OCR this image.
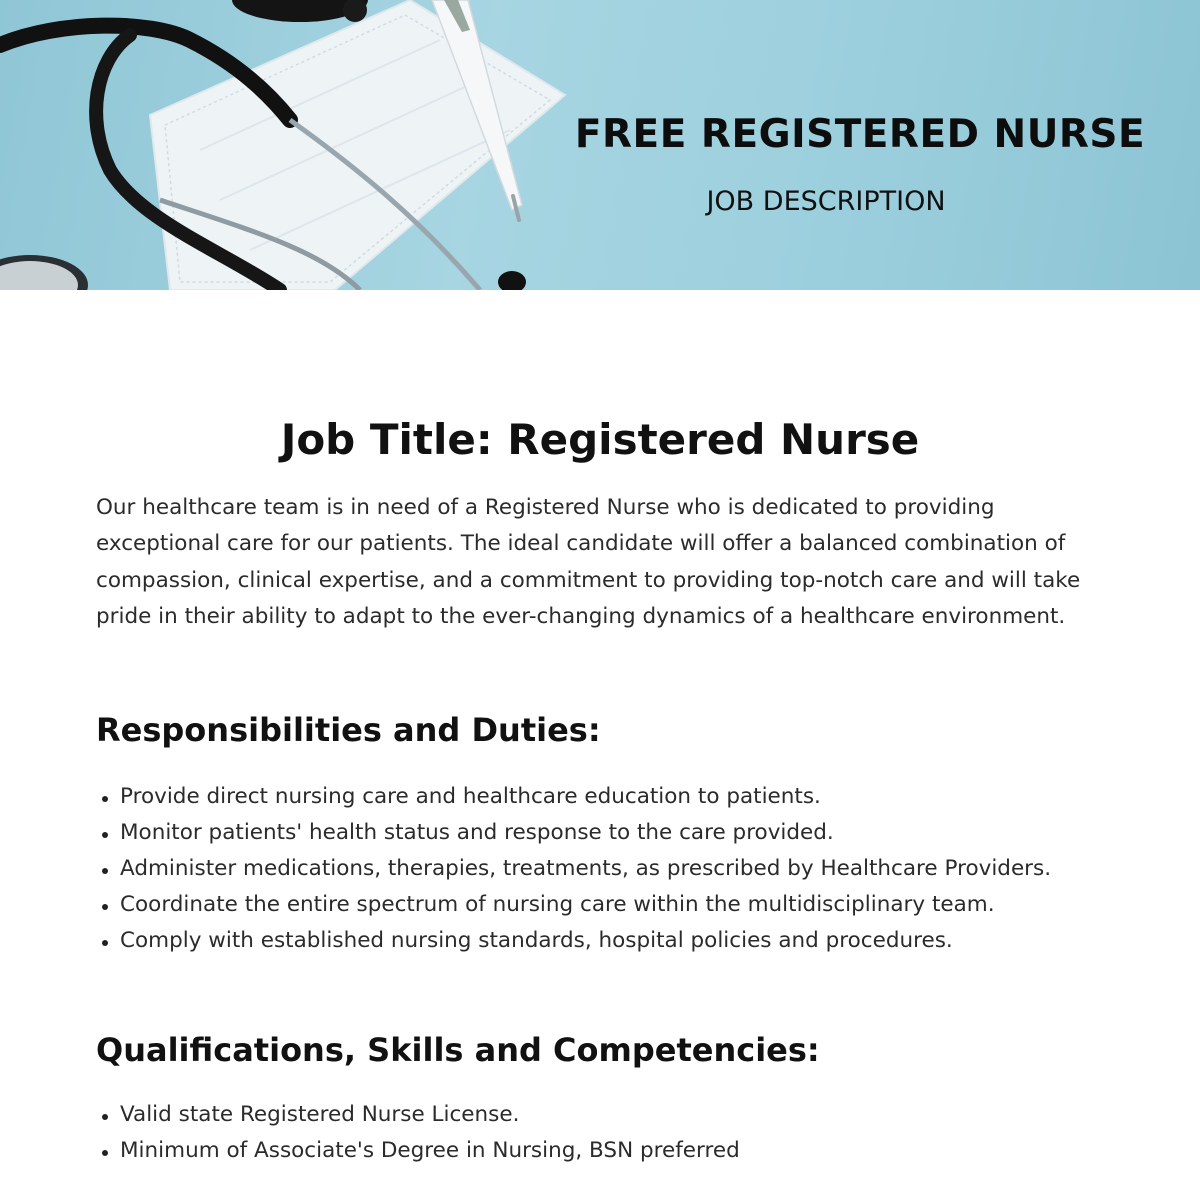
FREE REGISTERED NURSE
JOB DESCRIPTION
Job Title: Registered Nurse

Our healthcare team is in need of a Registered Nurse who is dedicated to providing exceptional care for our patients. The ideal candidate will offer a balanced combination of compassion, clinical expertise, and a commitment to providing top-notch care and will take pride in their ability to adapt to the ever-changing dynamics of a healthcare environment.

Responsibilities and Duties:
Provide direct nursing care and healthcare education to patients.
Monitor patients' health status and response to the care provided.
Administer medications, therapies, treatments, as prescribed by Healthcare Providers.
Coordinate the entire spectrum of nursing care within the multidisciplinary team.
Comply with established nursing standards, hospital policies and procedures.
Qualifications, Skills and Competencies:
Valid state Registered Nurse License.
Minimum of Associate's Degree in Nursing, BSN preferred
